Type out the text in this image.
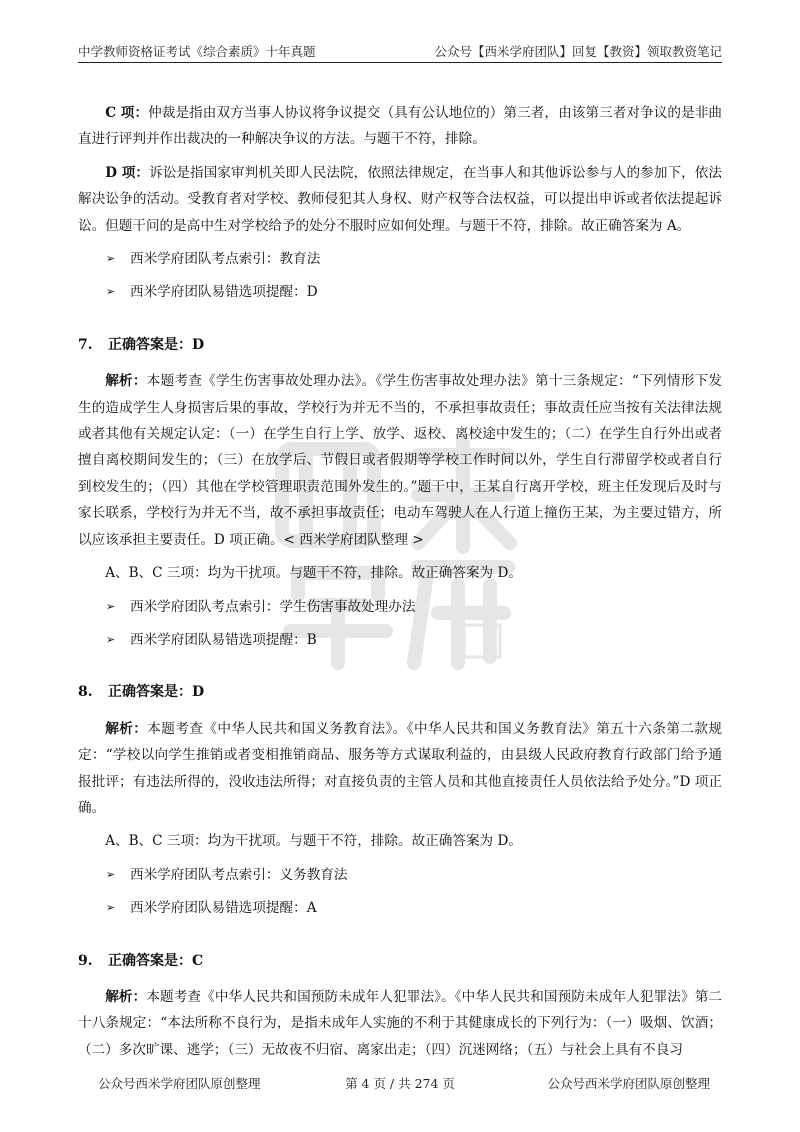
中学教师资格证考试《综合素质》十年真题	公众号【西米学府团队】回复【教资】领取教资笔记

C 项：仲裁是指由双方当事人协议将争议提交（具有公认地位的）第三者，由该第三者对争议的是非曲直进行评判并作出裁决的一种解决争议的方法。与题干不符，排除。

D 项：诉讼是指国家审判机关即人民法院，依照法律规定，在当事人和其他诉讼参与人的参加下，依法解决讼争的活动。受教育者对学校、教师侵犯其人身权、财产权等合法权益，可以提出申诉或者依法提起诉讼。但题干问的是高中生对学校给予的处分不服时应如何处理。与题干不符，排除。故正确答案为 A。

➢ 西米学府团队考点索引：教育法
➢ 西米学府团队易错选项提醒：D
7. 正确答案是：D

解析：本题考查《学生伤害事故处理办法》。《学生伤害事故处理办法》第十三条规定：“下列情形下发生的造成学生人身损害后果的事故，学校行为并无不当的，不承担事故责任；事故责任应当按有关法律法规或者其他有关规定认定：（一）在学生自行上学、放学、返校、离校途中发生的；（二）在学生自行外出或者擅自离校期间发生的；（三）在放学后、节假日或者假期等学校工作时间以外，学生自行滞留学校或者自行到校发生的；（四）其他在学校管理职责范围外发生的。”题干中，王某自行离开学校，班主任发现后及时与家长联系，学校行为并无不当，故不承担事故责任；电动车驾驶人在人行道上撞伤王某，为主要过错方，所以应该承担主要责任。D 项正确。< 西米学府团队整理 >

A、B、C 三项：均为干扰项。与题干不符，排除。故正确答案为 D。

➢ 西米学府团队考点索引：学生伤害事故处理办法
➢ 西米学府团队易错选项提醒：B
8. 正确答案是：D

解析：本题考查《中华人民共和国义务教育法》。《中华人民共和国义务教育法》第五十六条第二款规定：“学校以向学生推销或者变相推销商品、服务等方式谋取利益的，由县级人民政府教育行政部门给予通报批评；有违法所得的，没收违法所得；对直接负责的主管人员和其他直接责任人员依法给予处分。”D 项正确。

A、B、C 三项：均为干扰项。与题干不符，排除。故正确答案为 D。

➢ 西米学府团队考点索引：义务教育法
➢ 西米学府团队易错选项提醒：A
9. 正确答案是：C

解析：本题考查《中华人民共和国预防未成年人犯罪法》。《中华人民共和国预防未成年人犯罪法》第二十八条规定：“本法所称不良行为，是指未成年人实施的不利于其健康成长的下列行为：（一）吸烟、饮酒；（二）多次旷课、逃学；（三）无故夜不归宿、离家出走；（四）沉迷网络；（五）与社会上具有不良习

公众号西米学府团队原创整理	第 4 页 / 共 274 页	公众号西米学府团队原创整理
